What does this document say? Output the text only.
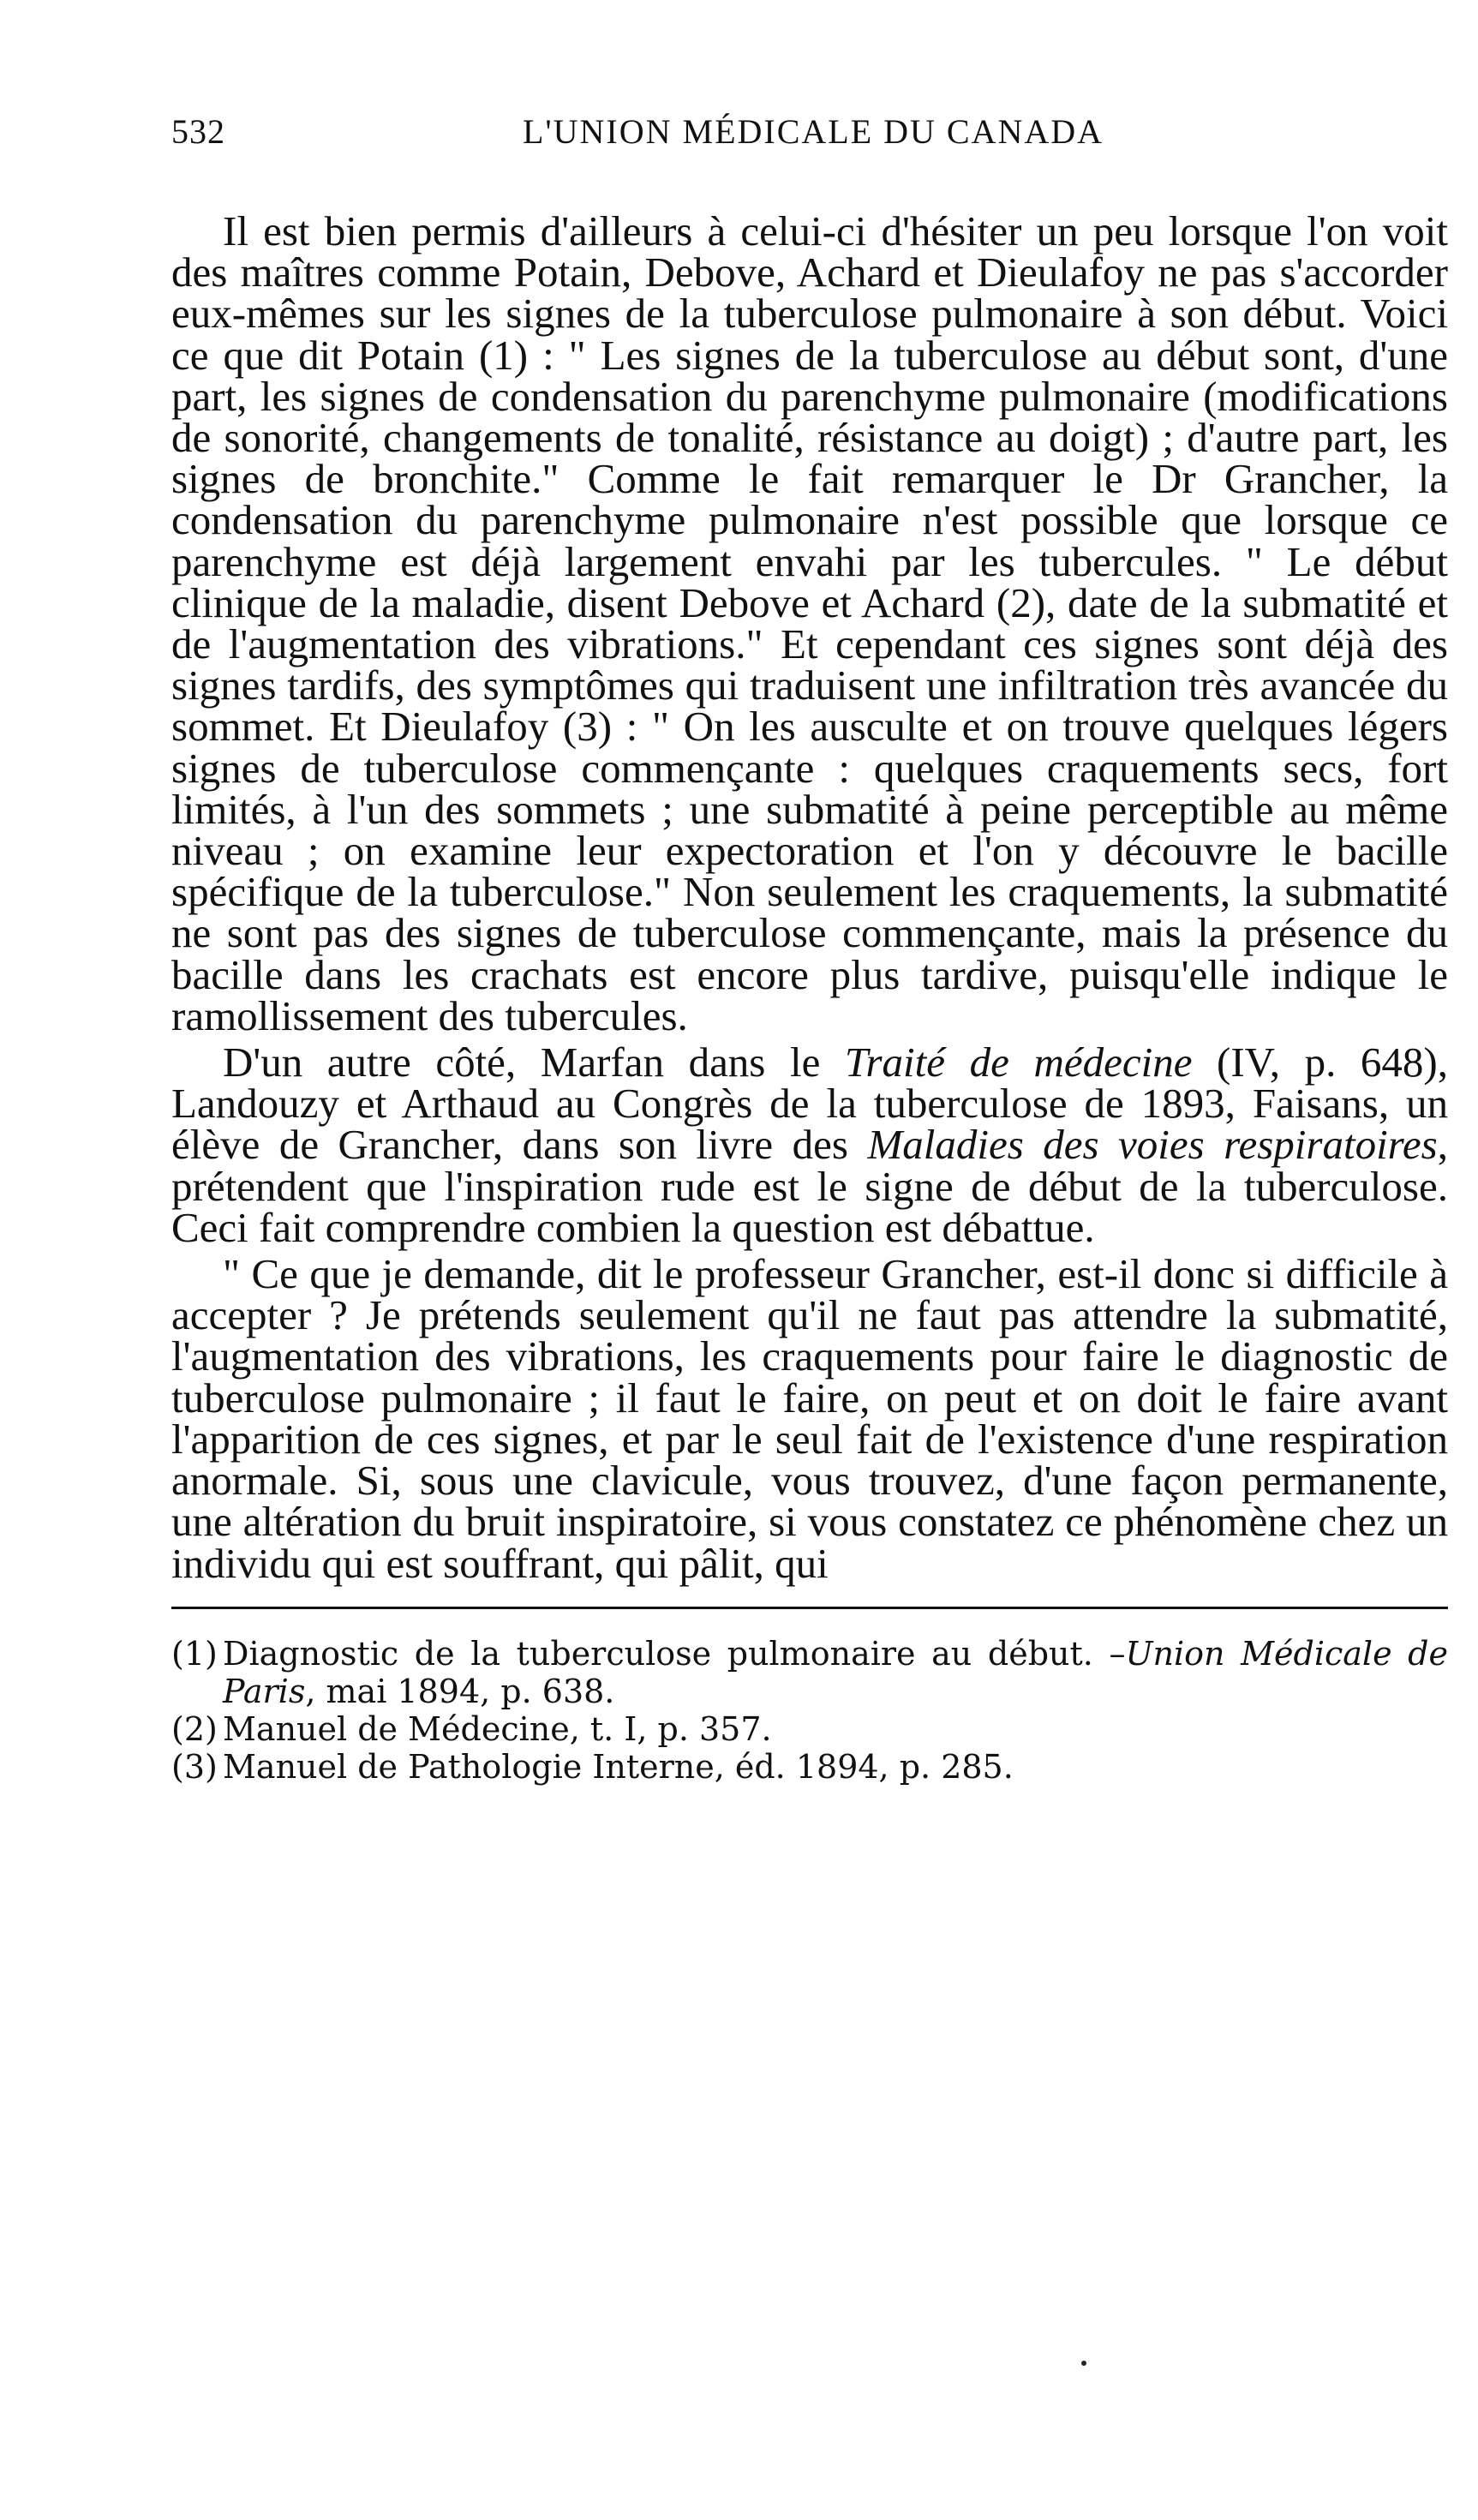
532	L'UNION MÉDICALE DU CANADA

Il est bien permis d'ailleurs à celui-ci d'hésiter un peu lorsque l'on voit des maîtres comme Potain, Debove, Achard et Dieulafoy ne pas s'accorder eux-mêmes sur les signes de la tuberculose pulmonaire à son début. Voici ce que dit Potain (1) : " Les signes de la tuberculose au début sont, d'une part, les signes de condensation du parenchyme pulmonaire (modifications de sonorité, changements de tonalité, résistance au doigt) ; d'autre part, les signes de bronchite." Comme le fait remarquer le Dr Grancher, la condensation du parenchyme pulmonaire n'est possible que lorsque ce parenchyme est déjà largement envahi par les tubercules. " Le début clinique de la maladie, disent Debove et Achard (2), date de la submatité et de l'augmentation des vibrations." Et cependant ces signes sont déjà des signes tardifs, des symptômes qui traduisent une infiltration très avancée du sommet. Et Dieulafoy (3) : " On les ausculte et on trouve quelques légers signes de tuberculose commençante : quelques craquements secs, fort limités, à l'un des sommets ; une submatité à peine perceptible au même niveau ; on examine leur expectoration et l'on y découvre le bacille spécifique de la tuberculose." Non seulement les craquements, la submatité ne sont pas des signes de tuberculose commençante, mais la présence du bacille dans les crachats est encore plus tardive, puisqu'elle indique le ramollissement des tubercules.

D'un autre côté, Marfan dans le Traité de médecine (IV, p. 648), Landouzy et Arthaud au Congrès de la tuberculose de 1893, Faisans, un élève de Grancher, dans son livre des Maladies des voies respiratoires, prétendent que l'inspiration rude est le signe de début de la tuberculose. Ceci fait comprendre combien la question est débattue.

" Ce que je demande, dit le professeur Grancher, est-il donc si difficile à accepter ? Je prétends seulement qu'il ne faut pas attendre la submatité, l'augmentation des vibrations, les craquements pour faire le diagnostic de tuberculose pulmonaire ; il faut le faire, on peut et on doit le faire avant l'apparition de ces signes, et par le seul fait de l'existence d'une respiration anormale. Si, sous une clavicule, vous trouvez, d'une façon permanente, une altération du bruit inspiratoire, si vous constatez ce phénomène chez un individu qui est souffrant, qui pâlit, qui

(1) Diagnostic de la tuberculose pulmonaire au début. –Union Médicale de Paris, mai 1894, p. 638.

(2) Manuel de Médecine, t. I, p. 357.

(3) Manuel de Pathologie Interne, éd. 1894, p. 285.
